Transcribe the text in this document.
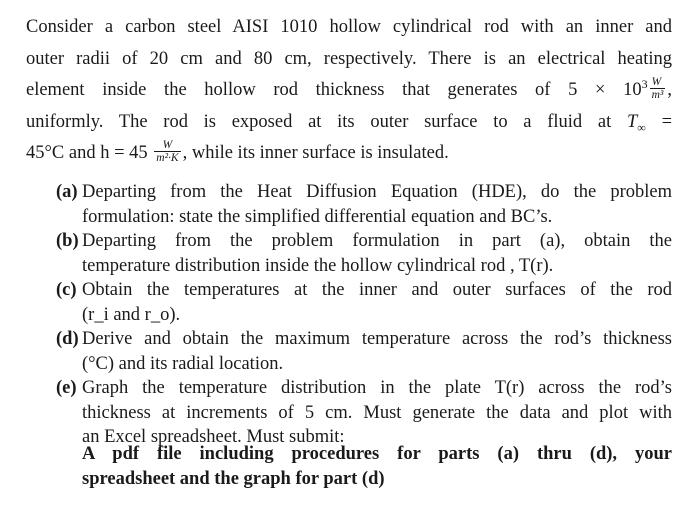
Consider a carbon steel AISI 1010 hollow cylindrical rod with an inner and
outer radii of 20 cm and 80 cm, respectively. There is an electrical heating
element inside the hollow rod thickness that generates of $5 \times 10^3 \frac{W}{\text{m³}}$ ,
uniformly. The rod is exposed at its outer surface to a fluid at $T_\infty$ =
45°C and $h = 45 \frac{W}{\text{m²·K}}$ , while its inner surface is insulated.
(a) Departing from the Heat Diffusion Equation (HDE), do the problem
formulation: state the simplified differential equation and BC’s.
(b) Departing from the problem formulation in part (a), obtain the
temperature distribution inside the hollow cylindrical rod , T(r).
(c) Obtain the temperatures at the inner and outer surfaces of the rod
(r_i and r_o).
(d) Derive and obtain the maximum temperature across the rod’s thickness
(°C) and its radial location.
(e) Graph the temperature distribution in the plate T(r) across the rod’s
thickness at increments of 5 cm. Must generate the data and plot with
an Excel spreadsheet. Must submit:
A pdf file including procedures for parts (a) thru (d), your
spreadsheet and the graph for part (d)
